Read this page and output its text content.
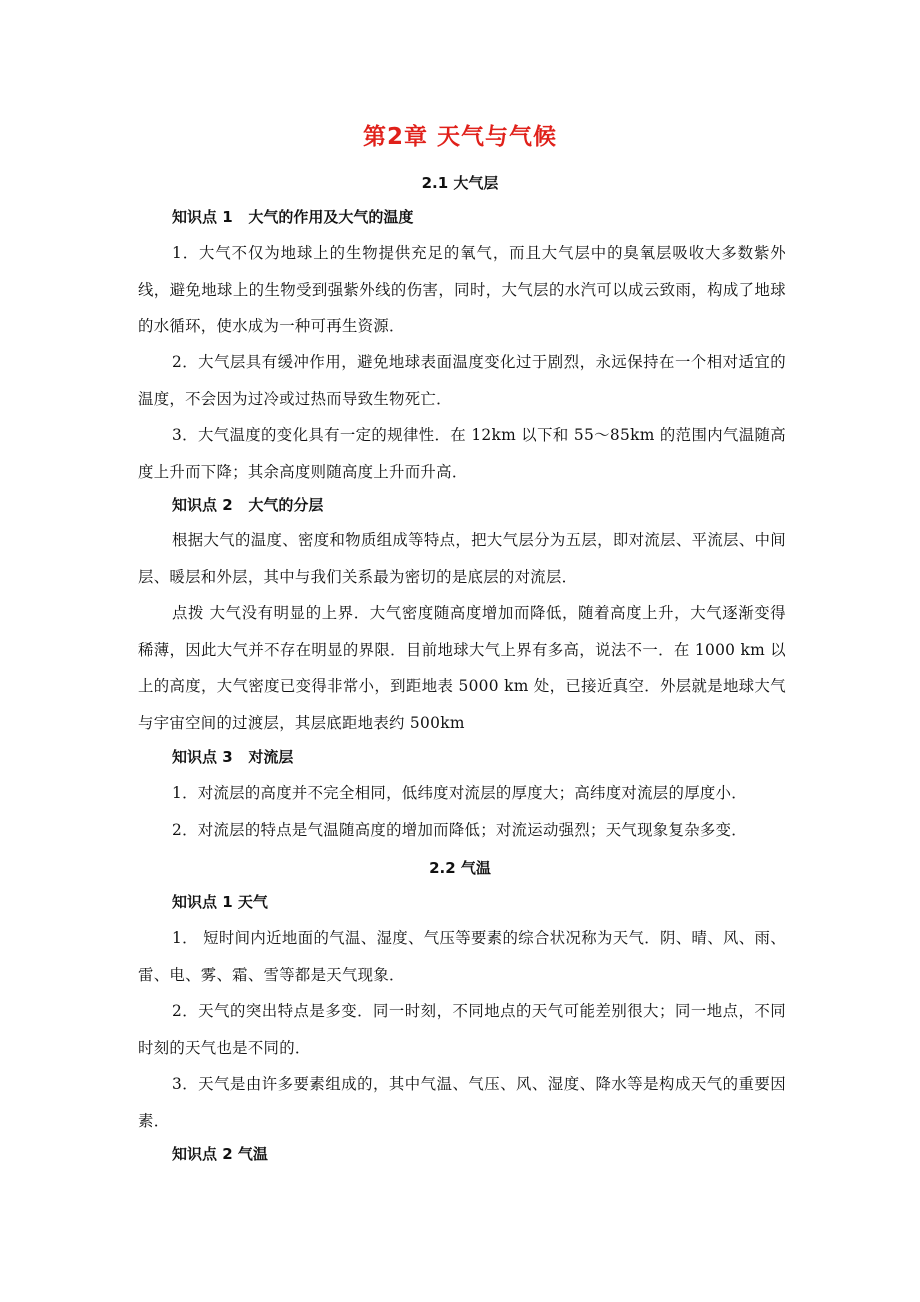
第2章 天气与气候
2.1 大气层
知识点 1   大气的作用及大气的温度
1．大气不仅为地球上的生物提供充足的氧气，而且大气层中的臭氧层吸收大多数紫外线，避免地球上的生物受到强紫外线的伤害，同时，大气层的水汽可以成云致雨，构成了地球的水循环，使水成为一种可再生资源．
2．大气层具有缓冲作用，避免地球表面温度变化过于剧烈，永远保持在一个相对适宜的温度，不会因为过冷或过热而导致生物死亡．
3．大气温度的变化具有一定的规律性．在 12km 以下和 55～85km 的范围内气温随高度上升而下降；其余高度则随高度上升而升高．
知识点 2   大气的分层
根据大气的温度、密度和物质组成等特点，把大气层分为五层，即对流层、平流层、中间层、暖层和外层，其中与我们关系最为密切的是底层的对流层．
点拨 大气没有明显的上界．大气密度随高度增加而降低，随着高度上升，大气逐渐变得稀薄，因此大气并不存在明显的界限．目前地球大气上界有多高，说法不一．在 1000 km 以上的高度，大气密度已变得非常小，到距地表 5000 km 处，已接近真空．外层就是地球大气与宇宙空间的过渡层，其层底距地表约 500km
知识点 3   对流层
1．对流层的高度并不完全相同，低纬度对流层的厚度大；高纬度对流层的厚度小．
2．对流层的特点是气温随高度的增加而降低；对流运动强烈；天气现象复杂多变．
2.2 气温
知识点 1 天气
1． 短时间内近地面的气温、湿度、气压等要素的综合状况称为天气．阴、晴、风、雨、雷、电、雾、霜、雪等都是天气现象．
2．天气的突出特点是多变．同一时刻，不同地点的天气可能差别很大；同一地点，不同时刻的天气也是不同的．
3．天气是由许多要素组成的，其中气温、气压、风、湿度、降水等是构成天气的重要因素．
知识点 2 气温
